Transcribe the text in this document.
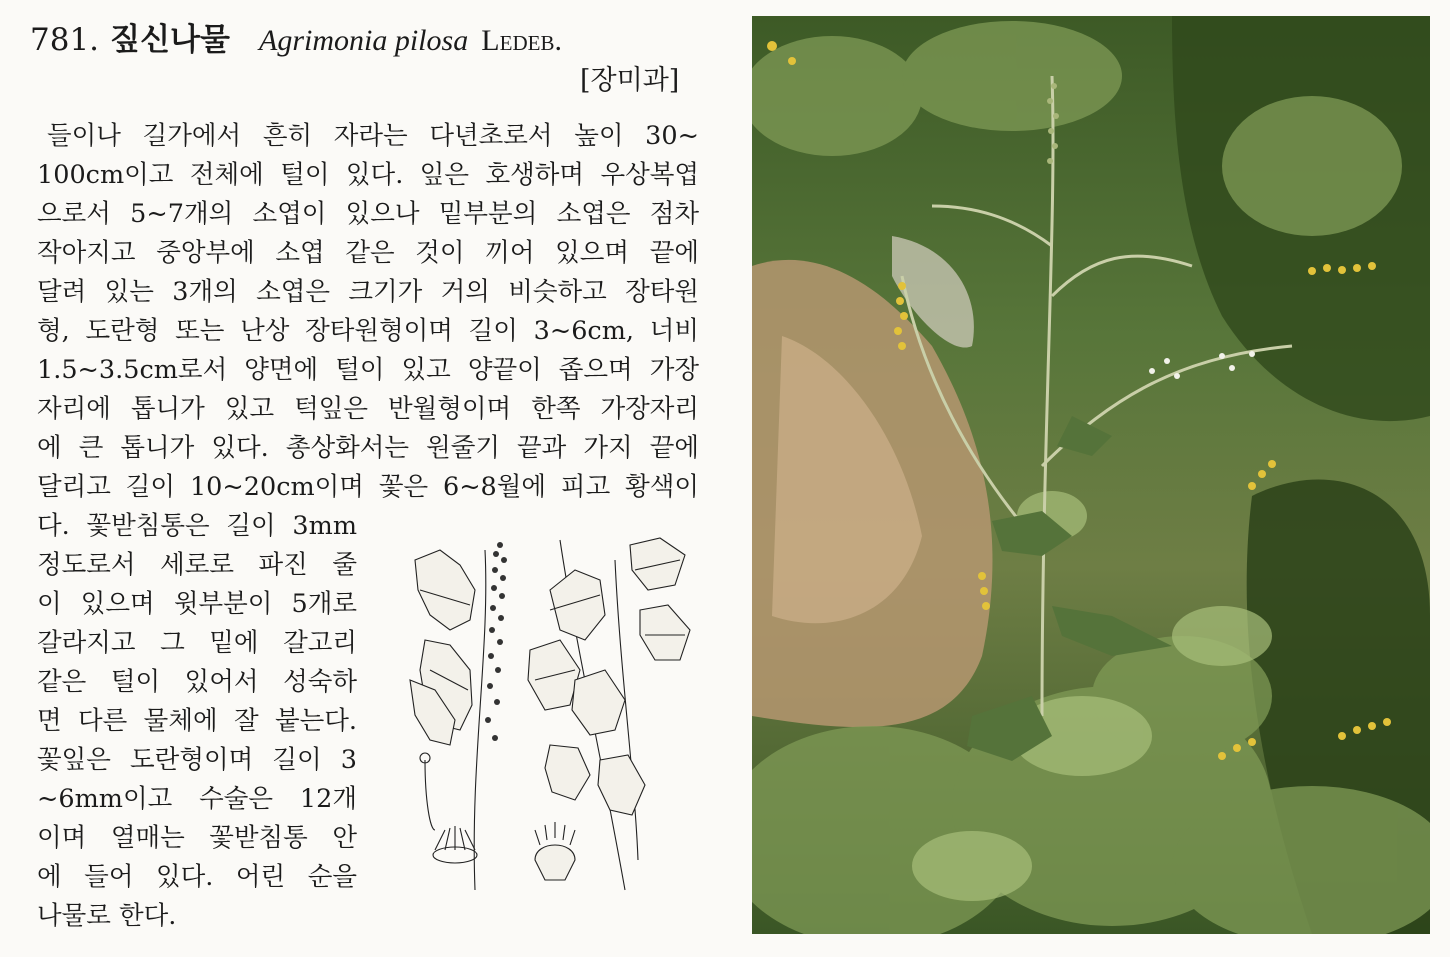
781. 짚신나물 Agrimonia pilosa Ledeb.
[장미과]
들이나 길가에서 흔히 자라는 다년초로서 높이 30~
100cm이고 전체에 털이 있다. 잎은 호생하며 우상복엽
으로서 5~7개의 소엽이 있으나 밑부분의 소엽은 점차
작아지고 중앙부에 소엽 같은 것이 끼어 있으며 끝에
달려 있는 3개의 소엽은 크기가 거의 비슷하고 장타원
형, 도란형 또는 난상 장타원형이며 길이 3~6cm, 너비
1.5~3.5cm로서 양면에 털이 있고 양끝이 좁으며 가장
자리에 톱니가 있고 턱잎은 반월형이며 한쪽 가장자리
에 큰 톱니가 있다. 총상화서는 원줄기 끝과 가지 끝에
달리고 길이 10~20cm이며 꽃은 6~8월에 피고 황색이
다. 꽃받침통은 길이 3mm
정도로서 세로로 파진 줄
이 있으며 윗부분이 5개로
갈라지고 그 밑에 갈고리
같은 털이 있어서 성숙하
면 다른 물체에 잘 붙는다.
꽃잎은 도란형이며 길이 3
~6mm이고 수술은 12개
이며 열매는 꽃받침통 안
에 들어 있다. 어린 순을
나물로 한다.
